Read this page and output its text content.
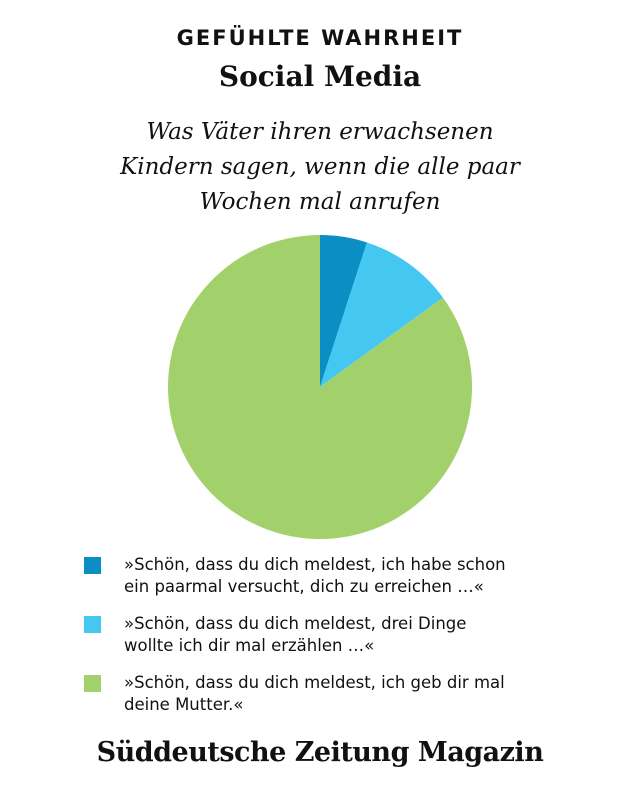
GEFÜHLTE WAHRHEIT
Social Media
Was Väter ihren erwachsenen
Kindern sagen, wenn die alle paar
Wochen mal anrufen
»Schön, dass du dich meldest, ich habe schon
ein paarmal versucht, dich zu erreichen …«
»Schön, dass du dich meldest, drei Dinge
wollte ich dir mal erzählen …«
»Schön, dass du dich meldest, ich geb dir mal
deine Mutter.«
Süddeutsche Zeitung Magazin
